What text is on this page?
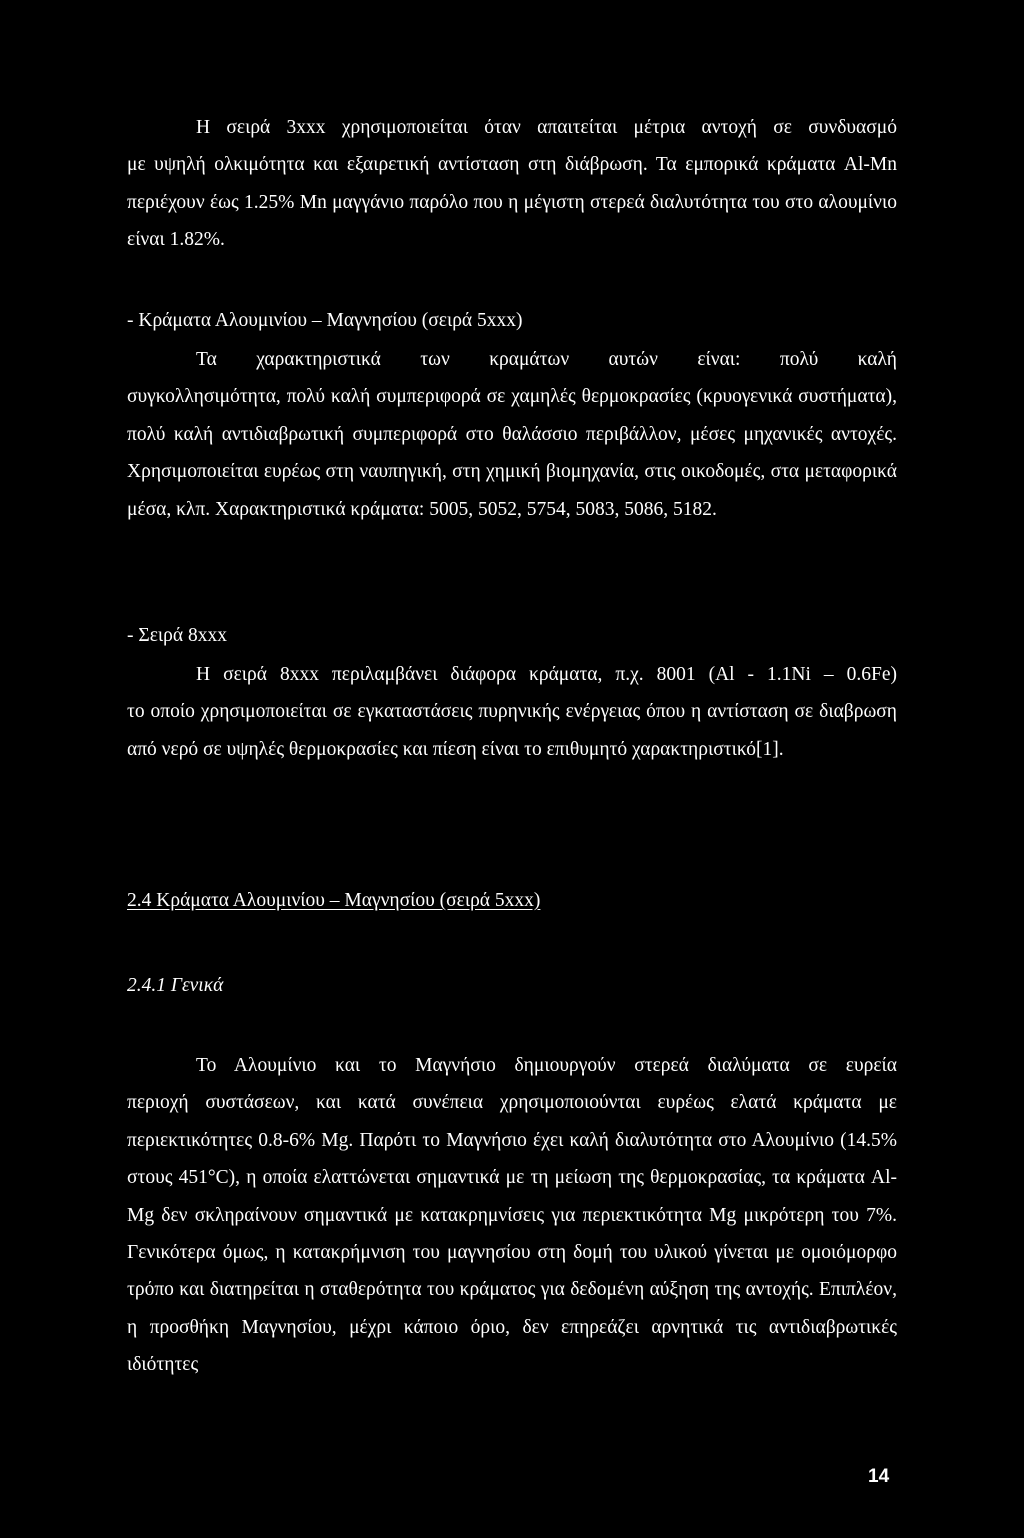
Η σειρά 3xxx χρησιμοποιείται όταν απαιτείται μέτρια αντοχή σε συνδυασμό
με υψηλή ολκιμότητα και εξαιρετική αντίσταση στη διάβρωση. Τα εμπορικά κράματα Al-Mn περιέχουν έως 1.25% Mn μαγγάνιο παρόλο που η μέγιστη στερεά διαλυτότητα του στο αλουμίνιο είναι 1.82%.

- Κράματα Αλουμινίου – Μαγνησίου (σειρά 5xxx)

Τα χαρακτηριστικά των κραμάτων αυτών είναι: πολύ καλή
συγκολλησιμότητα, πολύ καλή συμπεριφορά σε χαμηλές θερμοκρασίες (κρυογενικά συστήματα), πολύ καλή αντιδιαβρωτική συμπεριφορά στο θαλάσσιο περιβάλλον, μέσες μηχανικές αντοχές. Χρησιμοποιείται ευρέως στη ναυπηγική, στη χημική βιομηχανία, στις οικοδομές, στα μεταφορικά μέσα, κλπ. Χαρακτηριστικά κράματα: 5005, 5052, 5754, 5083, 5086, 5182.

- Σειρά 8xxx

Η σειρά 8xxx περιλαμβάνει διάφορα κράματα, π.χ. 8001 (Al - 1.1Ni – 0.6Fe)
το οποίο χρησιμοποιείται σε εγκαταστάσεις πυρηνικής ενέργειας όπου η αντίσταση σε διαβρωση από νερό σε υψηλές θερμοκρασίες και πίεση είναι το επιθυμητό χαρακτηριστικό[1].

2.4 Κράματα Αλουμινίου – Μαγνησίου (σειρά 5xxx)
2.4.1 Γενικά

Το Αλουμίνιο και το Μαγνήσιο δημιουργούν στερεά διαλύματα σε ευρεία
περιοχή συστάσεων, και κατά συνέπεια χρησιμοποιούνται ευρέως ελατά κράματα με περιεκτικότητες 0.8-6% Mg. Παρότι το Μαγνήσιο έχει καλή διαλυτότητα στο Αλουμίνιο (14.5% στους 451°C), η οποία ελαττώνεται σημαντικά με τη μείωση της θερμοκρασίας, τα κράματα Al-Mg δεν σκληραίνουν σημαντικά με κατακρημνίσεις για περιεκτικότητα Mg μικρότερη του 7%. Γενικότερα όμως, η κατακρήμνιση του μαγνησίου στη δομή του υλικού γίνεται με ομοιόμορφο τρόπο και διατηρείται η σταθερότητα του κράματος για δεδομένη αύξηση της αντοχής. Επιπλέον, η προσθήκη Μαγνησίου, μέχρι κάποιο όριο, δεν επηρεάζει αρνητικά τις αντιδιαβρωτικές ιδιότητες

14
